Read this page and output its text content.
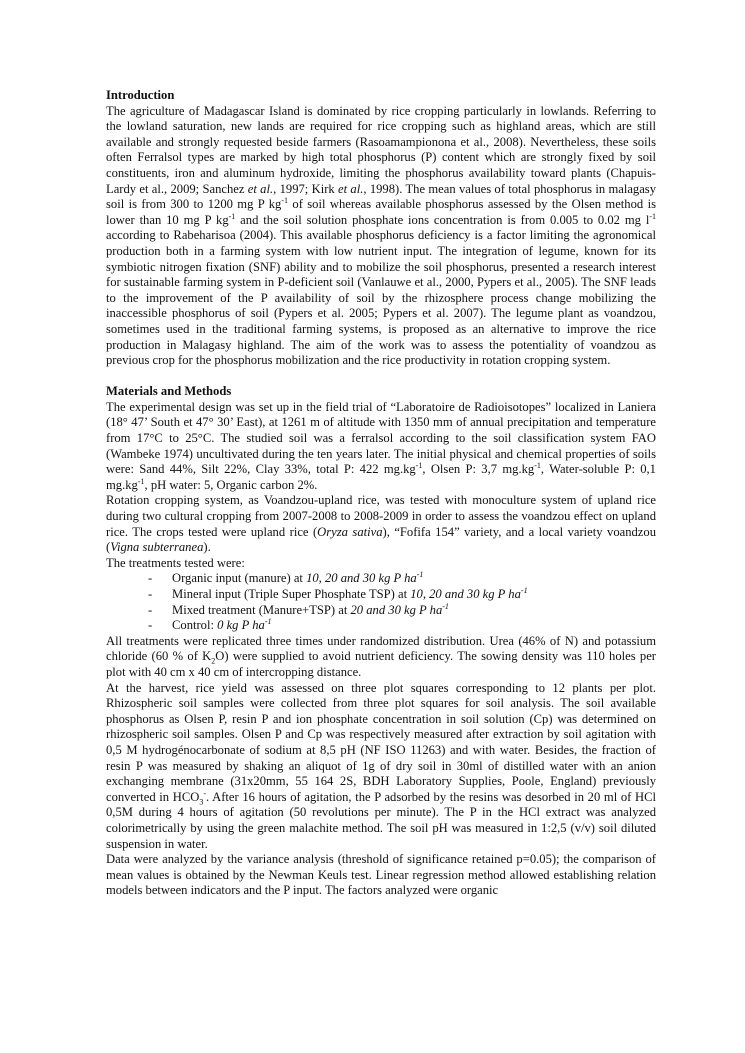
Introduction

The agriculture of Madagascar Island is dominated by rice cropping particularly in lowlands. Referring to the lowland saturation, new lands are required for rice cropping such as highland areas, which are still available and strongly requested beside farmers (Rasoamampionona et al., 2008). Nevertheless, these soils often Ferralsol types are marked by high total phosphorus (P) content which are strongly fixed by soil constituents, iron and aluminum hydroxide, limiting the phosphorus availability toward plants (Chapuis-Lardy et al., 2009; Sanchez et al., 1997; Kirk et al., 1998). The mean values of total phosphorus in malagasy soil is from 300 to 1200 mg P $kg^{-1}$ of soil whereas available phosphorus assessed by the Olsen method is lower than 10 mg P $kg^{-1}$ and the soil solution phosphate ions concentration is from 0.005 to 0.02 mg $l^{-1}$ according to Rabeharisoa (2004). This available phosphorus deficiency is a factor limiting the agronomical production both in a farming system with low nutrient input. The integration of legume, known for its symbiotic nitrogen fixation (SNF) ability and to mobilize the soil phosphorus, presented a research interest for sustainable farming system in P-deficient soil (Vanlauwe et al., 2000, Pypers et al., 2005). The SNF leads to the improvement of the P availability of soil by the rhizosphere process change mobilizing the inaccessible phosphorus of soil (Pypers et al. 2005; Pypers et al. 2007). The legume plant as voandzou, sometimes used in the traditional farming systems, is proposed as an alternative to improve the rice production in Malagasy highland. The aim of the work was to assess the potentiality of voandzou as previous crop for the phosphorus mobilization and the rice productivity in rotation cropping system.

Materials and Methods

The experimental design was set up in the field trial of “Laboratoire de Radioisotopes” localized in Laniera (18° 47’ South et 47° 30’ East), at 1261 m of altitude with 1350 mm of annual precipitation and temperature from 17°C to 25°C. The studied soil was a ferralsol according to the soil classification system FAO (Wambeke 1974) uncultivated during the ten years later. The initial physical and chemical properties of soils were: Sand 44%, Silt 22%, Clay 33%, total P: 422 $mg.kg^{-1}$, Olsen P: 3,7 $mg.kg^{-1}$, Water-soluble P: 0,1 $mg.kg^{-1}$, pH water: 5, Organic carbon 2%.

Rotation cropping system, as Voandzou-upland rice, was tested with monoculture system of upland rice during two cultural cropping from 2007-2008 to 2008-2009 in order to assess the voandzou effect on upland rice. The crops tested were upland rice (Oryza sativa), “Fofifa 154” variety, and a local variety voandzou (Vigna subterranea).

The treatments tested were:

- Organic input (manure) at 10, 20 and 30 kg P $ha^{-1}$
- Mineral input (Triple Super Phosphate TSP) at 10, 20 and 30 kg P $ha^{-1}$
- Mixed treatment (Manure+TSP) at 20 and 30 kg P $ha^{-1}$
- Control: 0 kg P $ha^{-1}$

All treatments were replicated three times under randomized distribution. Urea (46% of N) and potassium chloride (60 % of $K_2O$) were supplied to avoid nutrient deficiency. The sowing density was 110 holes per plot with 40 cm x 40 cm of intercropping distance.

At the harvest, rice yield was assessed on three plot squares corresponding to 12 plants per plot. Rhizospheric soil samples were collected from three plot squares for soil analysis. The soil available phosphorus as Olsen P, resin P and ion phosphate concentration in soil solution (Cp) was determined on rhizospheric soil samples. Olsen P and Cp was respectively measured after extraction by soil agitation with 0,5 M hydrogénocarbonate of sodium at 8,5 pH (NF ISO 11263) and with water. Besides, the fraction of resin P was measured by shaking an aliquot of 1g of dry soil in 30ml of distilled water with an anion exchanging membrane (31x20mm, 55 164 2S, BDH Laboratory Supplies, Poole, England) previously converted in $HCO_3^-$. After 16 hours of agitation, the P adsorbed by the resins was desorbed in 20 ml of HCl 0,5M during 4 hours of agitation (50 revolutions per minute). The P in the HCl extract was analyzed colorimetrically by using the green malachite method. The soil pH was measured in 1:2,5 (v/v) soil diluted suspension in water.

Data were analyzed by the variance analysis (threshold of significance retained p=0.05); the comparison of mean values is obtained by the Newman Keuls test. Linear regression method allowed establishing relation models between indicators and the P input. The factors analyzed were organic
